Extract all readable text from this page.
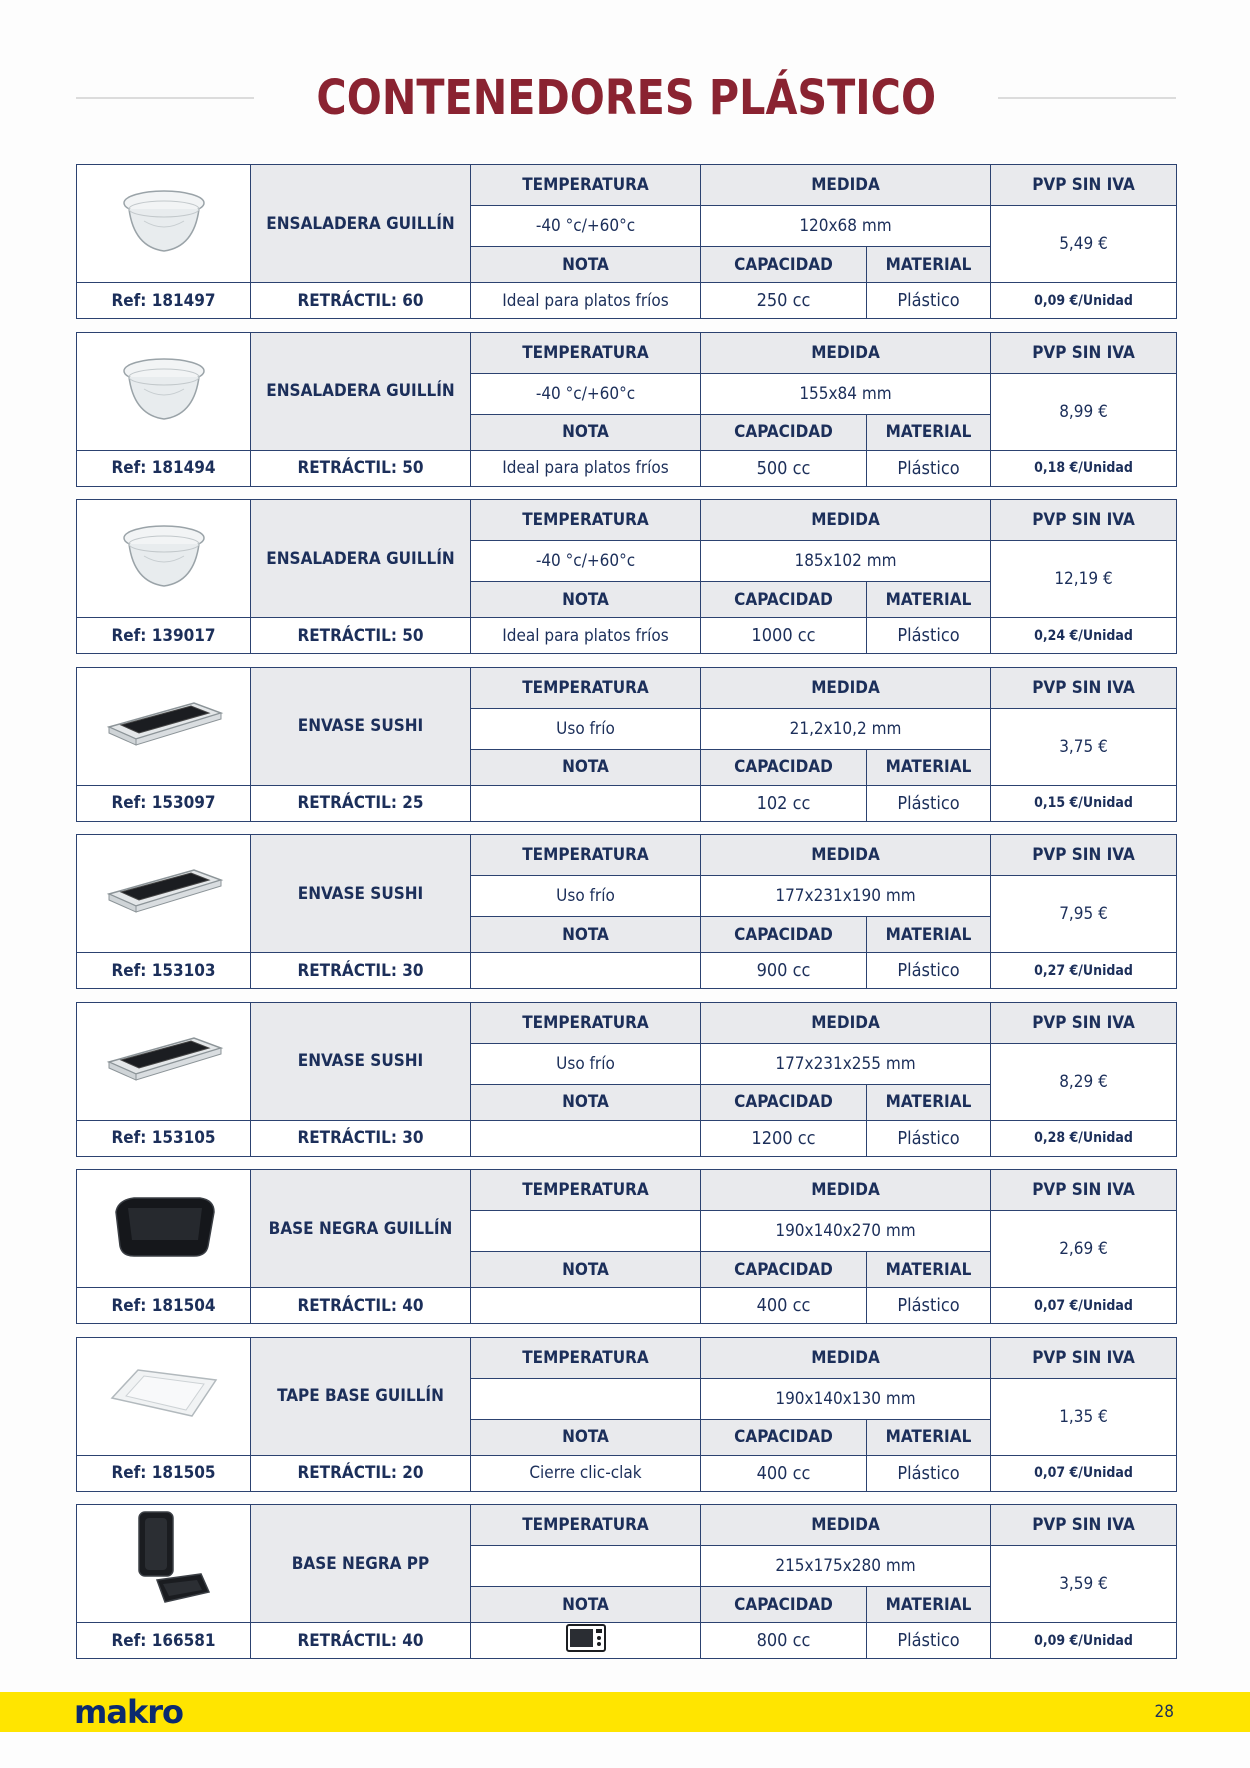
CONTENEDORES PLÁSTICO
	ENSALADERA GUILLÍN	TEMPERATURA	MEDIDA		PVP SIN IVA
		-40 °c/+60°c	120x68 mm		5,49 €
		NOTA	CAPACIDAD	MATERIAL	
Ref: 181497	RETRÁCTIL: 60	Ideal para platos fríos	250 cc	Plástico	0,09 €/Unidad
	ENSALADERA GUILLÍN	TEMPERATURA	MEDIDA		PVP SIN IVA
		-40 °c/+60°c	155x84 mm		8,99 €
		NOTA	CAPACIDAD	MATERIAL	
Ref: 181494	RETRÁCTIL: 50	Ideal para platos fríos	500 cc	Plástico	0,18 €/Unidad
	ENSALADERA GUILLÍN	TEMPERATURA	MEDIDA		PVP SIN IVA
		-40 °c/+60°c	185x102 mm		12,19 €
		NOTA	CAPACIDAD	MATERIAL	
Ref: 139017	RETRÁCTIL: 50	Ideal para platos fríos	1000 cc	Plástico	0,24 €/Unidad
	ENVASE SUSHI	TEMPERATURA	MEDIDA		PVP SIN IVA
		Uso frío	21,2x10,2 mm		3,75 €
		NOTA	CAPACIDAD	MATERIAL	
Ref: 153097	RETRÁCTIL: 25		102 cc	Plástico	0,15 €/Unidad
	ENVASE SUSHI	TEMPERATURA	MEDIDA		PVP SIN IVA
		Uso frío	177x231x190 mm		7,95 €
		NOTA	CAPACIDAD	MATERIAL	
Ref: 153103	RETRÁCTIL: 30		900 cc	Plástico	0,27 €/Unidad
	ENVASE SUSHI	TEMPERATURA	MEDIDA		PVP SIN IVA
		Uso frío	177x231x255 mm		8,29 €
		NOTA	CAPACIDAD	MATERIAL	
Ref: 153105	RETRÁCTIL: 30		1200 cc	Plástico	0,28 €/Unidad
	BASE NEGRA GUILLÍN	TEMPERATURA	MEDIDA		PVP SIN IVA
			190x140x270 mm		2,69 €
		NOTA	CAPACIDAD	MATERIAL	
Ref: 181504	RETRÁCTIL: 40		400 cc	Plástico	0,07 €/Unidad
	TAPE BASE GUILLÍN	TEMPERATURA	MEDIDA		PVP SIN IVA
			190x140x130 mm		1,35 €
		NOTA	CAPACIDAD	MATERIAL	
Ref: 181505	RETRÁCTIL: 20	Cierre clic-clak	400 cc	Plástico	0,07 €/Unidad
	BASE NEGRA PP	TEMPERATURA	MEDIDA		PVP SIN IVA
			215x175x280 mm		3,59 €
		NOTA	CAPACIDAD	MATERIAL	
Ref: 166581	RETRÁCTIL: 40		800 cc	Plástico	0,09 €/Unidad
makro	28
